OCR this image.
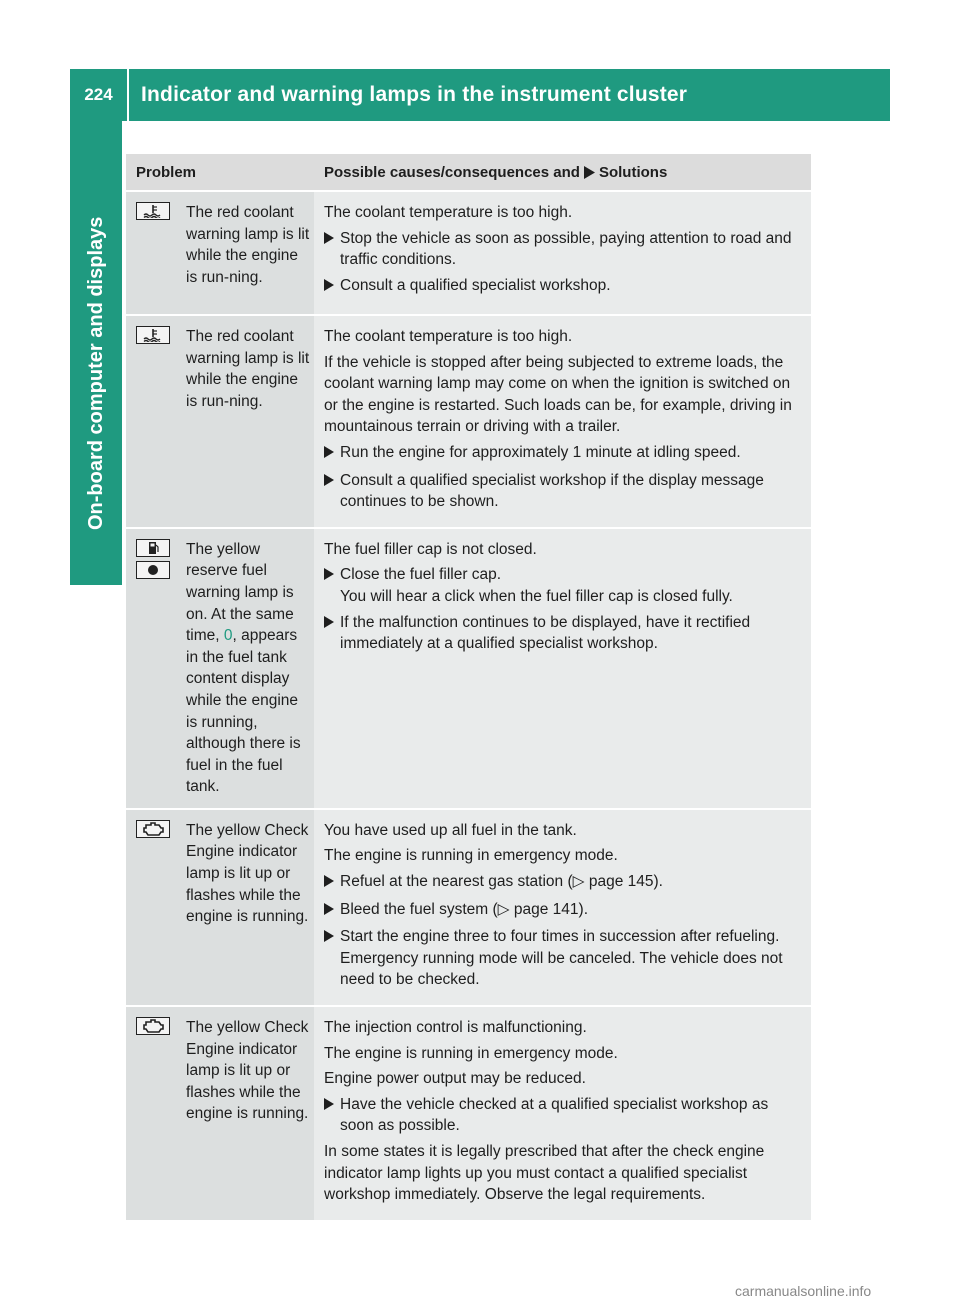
224	Indicator and warning lamps in the instrument cluster
On-board computer and displays
Problem	Possible causes/consequences and Solutions
The red coolant warning lamp is lit while the engine is run-ning.
The coolant temperature is too high.
Stop the vehicle as soon as possible, paying attention to road and traffic conditions.
Consult a qualified specialist workshop.
The red coolant warning lamp is lit while the engine is run-ning.
The coolant temperature is too high.
If the vehicle is stopped after being subjected to extreme loads, the coolant warning lamp may come on when the ignition is switched on or the engine is restarted. Such loads can be, for example, driving in mountainous terrain or driving with a trailer.
Run the engine for approximately 1 minute at idling speed.
Consult a qualified specialist workshop if the display message continues to be shown.
The yellow reserve fuel warning lamp is on. At the same time, 0, appears in the fuel tank content display while the engine is running, although there is fuel in the fuel tank.
The fuel filler cap is not closed.
Close the fuel filler cap.
You will hear a click when the fuel filler cap is closed fully.
If the malfunction continues to be displayed, have it rectified immediately at a qualified specialist workshop.
The yellow Check Engine indicator lamp is lit up or flashes while the engine is running.
You have used up all fuel in the tank.
The engine is running in emergency mode.
Refuel at the nearest gas station (▷ page 145).
Bleed the fuel system (▷ page 141).
Start the engine three to four times in succession after refueling. Emergency running mode will be canceled. The vehicle does not need to be checked.
The yellow Check Engine indicator lamp is lit up or flashes while the engine is running.
The injection control is malfunctioning.
The engine is running in emergency mode.
Engine power output may be reduced.
Have the vehicle checked at a qualified specialist workshop as soon as possible.
In some states it is legally prescribed that after the check engine indicator lamp lights up you must contact a qualified specialist workshop immediately. Observe the legal requirements.
carmanualsonline.info
